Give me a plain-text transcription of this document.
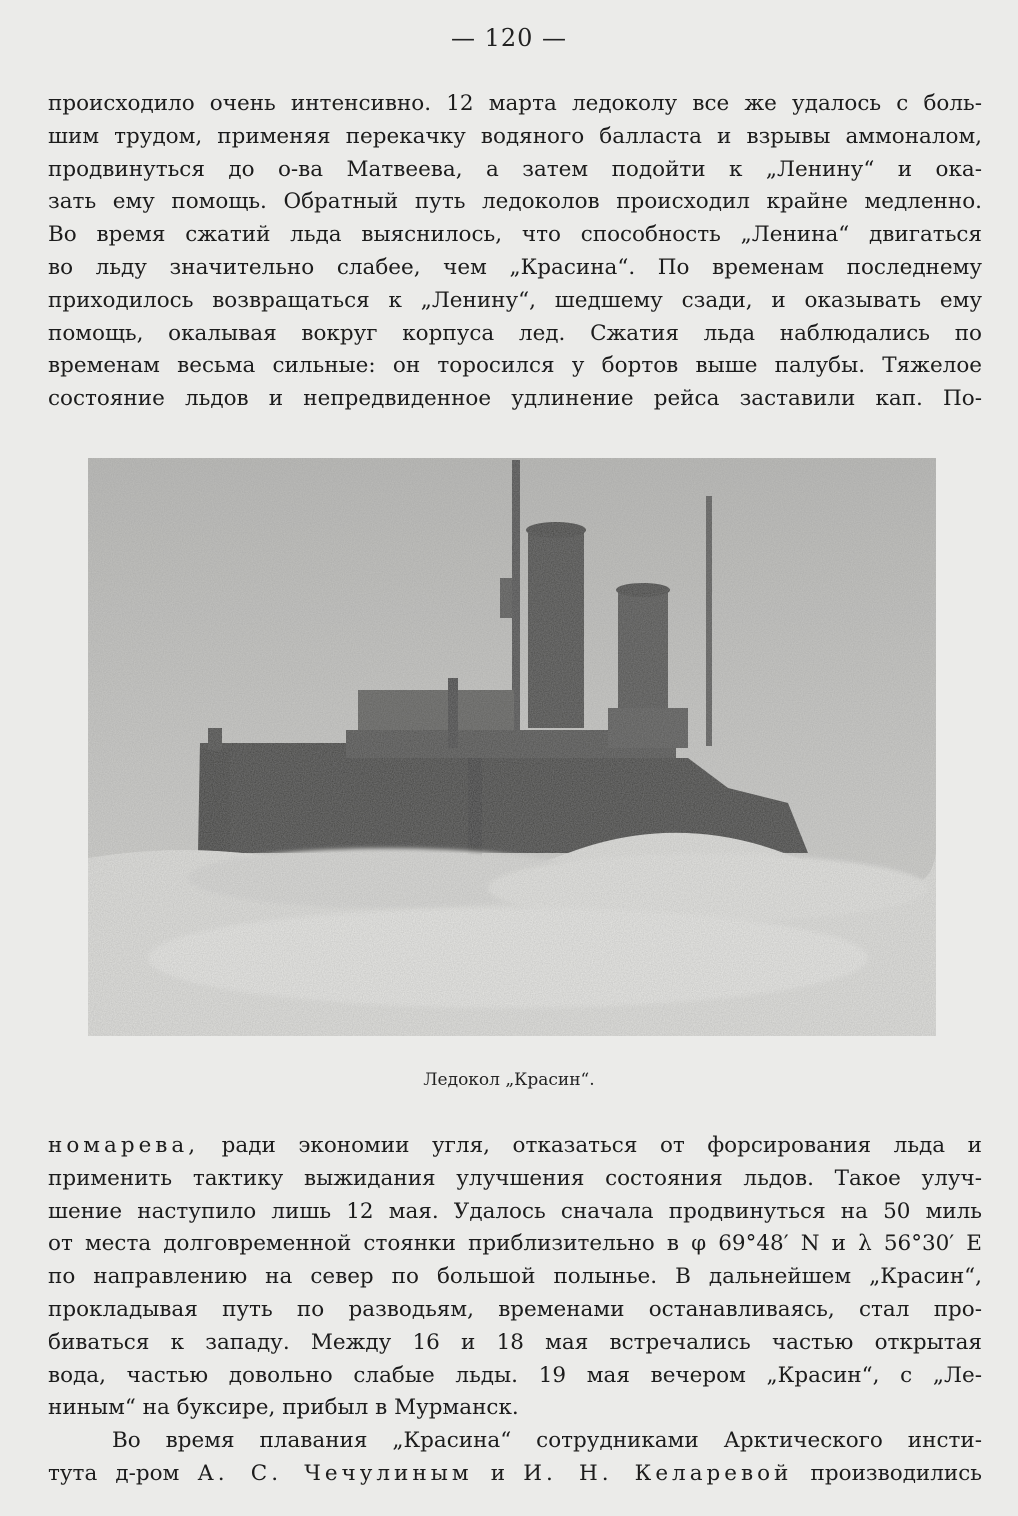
— 120 —
происходило очень интенсивно. 12 марта ледоколу все же удалось с боль-
шим трудом, применяя перекачку водяного балласта и взрывы аммоналом,
продвинуться до о-ва Матвеева, а затем подойти к „Ленину“ и ока-
зать ему помощь. Обратный путь ледоколов происходил крайне медленно.
Во время сжатий льда выяснилось, что способность „Ленина“ двигаться
во льду значительно слабее, чем „Красина“. По временам последнему
приходилось возвращаться к „Ленину“, шедшему сзади, и оказывать ему
помощь, окалывая вокруг корпуса лед. Сжатия льда наблюдались по
временам весьма сильные: он торосился у бортов выше палубы. Тяжелое
состояние льдов и непредвиденное удлинение рейса заставили кап. По-
Ледокол „Красин“.
номарева, ради экономии угля, отказаться от форсирования льда и
применить тактику выжидания улучшения состояния льдов. Такое улуч-
шение наступило лишь 12 мая. Удалось сначала продвинуться на 50 миль
от места долговременной стоянки приблизительно в φ 69°48′ N и λ 56°30′ E
по направлению на север по большой полынье. В дальнейшем „Красин“,
прокладывая путь по разводьям, временами останавливаясь, стал про-
биваться к западу. Между 16 и 18 мая встречались частью открытая
вода, частью довольно слабые льды. 19 мая вечером „Красин“, с „Ле-
ниным“ на буксире, прибыл в Мурманск.
Во время плавания „Красина“ сотрудниками Арктического инсти-
тута д-ром А. С. Чечулиным и И. Н. Келаревой производились
